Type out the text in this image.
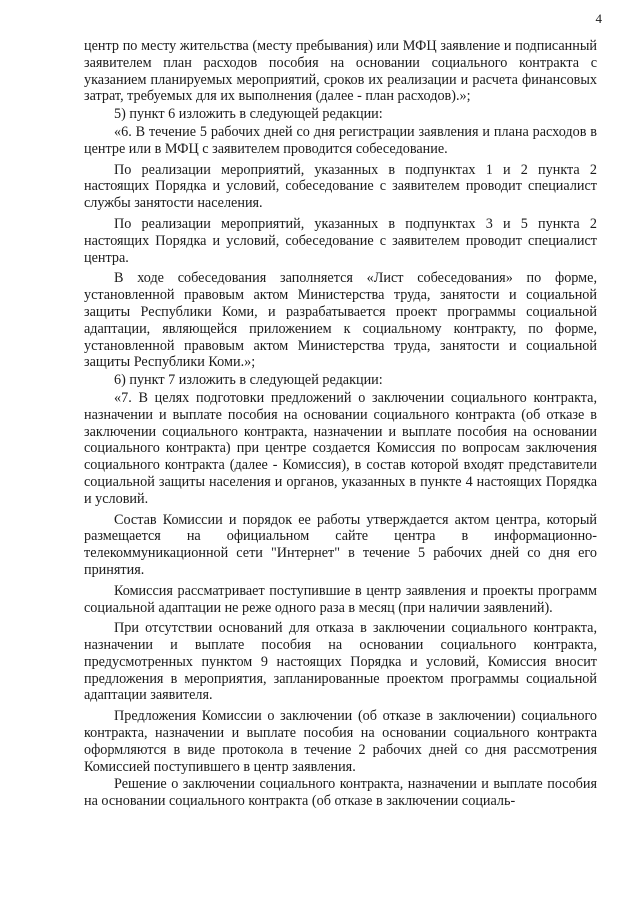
4

центр по месту жительства (месту пребывания) или МФЦ заявление и подписанный заявителем план расходов пособия на основании социального контракта с указанием планируемых мероприятий, сроков их реализации и расчета финансовых затрат, требуемых для их выполнения (далее - план расходов).»;

5) пункт 6 изложить в следующей редакции:

«6. В течение 5 рабочих дней со дня регистрации заявления и плана расходов в центре или в МФЦ с заявителем проводится собеседование.

По реализации мероприятий, указанных в подпунктах 1 и 2 пункта 2 настоящих Порядка и условий, собеседование с заявителем проводит специалист службы занятости населения.

По реализации мероприятий, указанных в подпунктах 3 и 5 пункта 2 настоящих Порядка и условий, собеседование с заявителем проводит специалист центра.

В ходе собеседования заполняется «Лист собеседования» по форме, установленной правовым актом Министерства труда, занятости и социальной защиты Республики Коми, и разрабатывается проект программы социальной адаптации, являющейся приложением к социальному контракту, по форме, установленной правовым актом Министерства труда, занятости и социальной защиты Республики Коми.»;

6) пункт 7 изложить в следующей редакции:

«7. В целях подготовки предложений о заключении социального контракта, назначении и выплате пособия на основании социального контракта (об отказе в заключении социального контракта, назначении и выплате пособия на основании социального контракта) при центре создается Комиссия по вопросам заключения социального контракта (далее - Комиссия), в состав которой входят представители социальной защиты населения и органов, указанных в пункте 4 настоящих Порядка и условий.

Состав Комиссии и порядок ее работы утверждается актом центра, который размещается на официальном сайте центра в информационно-телекоммуникационной сети "Интернет" в течение 5 рабочих дней со дня его принятия.

Комиссия рассматривает поступившие в центр заявления и проекты программ социальной адаптации не реже одного раза в месяц (при наличии заявлений).

При отсутствии оснований для отказа в заключении социального контракта, назначении и выплате пособия на основании социального контракта, предусмотренных пунктом 9 настоящих Порядка и условий, Комиссия вносит предложения в мероприятия, запланированные проектом программы социальной адаптации заявителя.

Предложения Комиссии о заключении (об отказе в заключении) социального контракта, назначении и выплате пособия на основании социального контракта оформляются в виде протокола в течение 2 рабочих дней со дня рассмотрения Комиссией поступившего в центр заявления.

Решение о заключении социального контракта, назначении и выплате пособия на основании социального контракта (об отказе в заключении социаль-
